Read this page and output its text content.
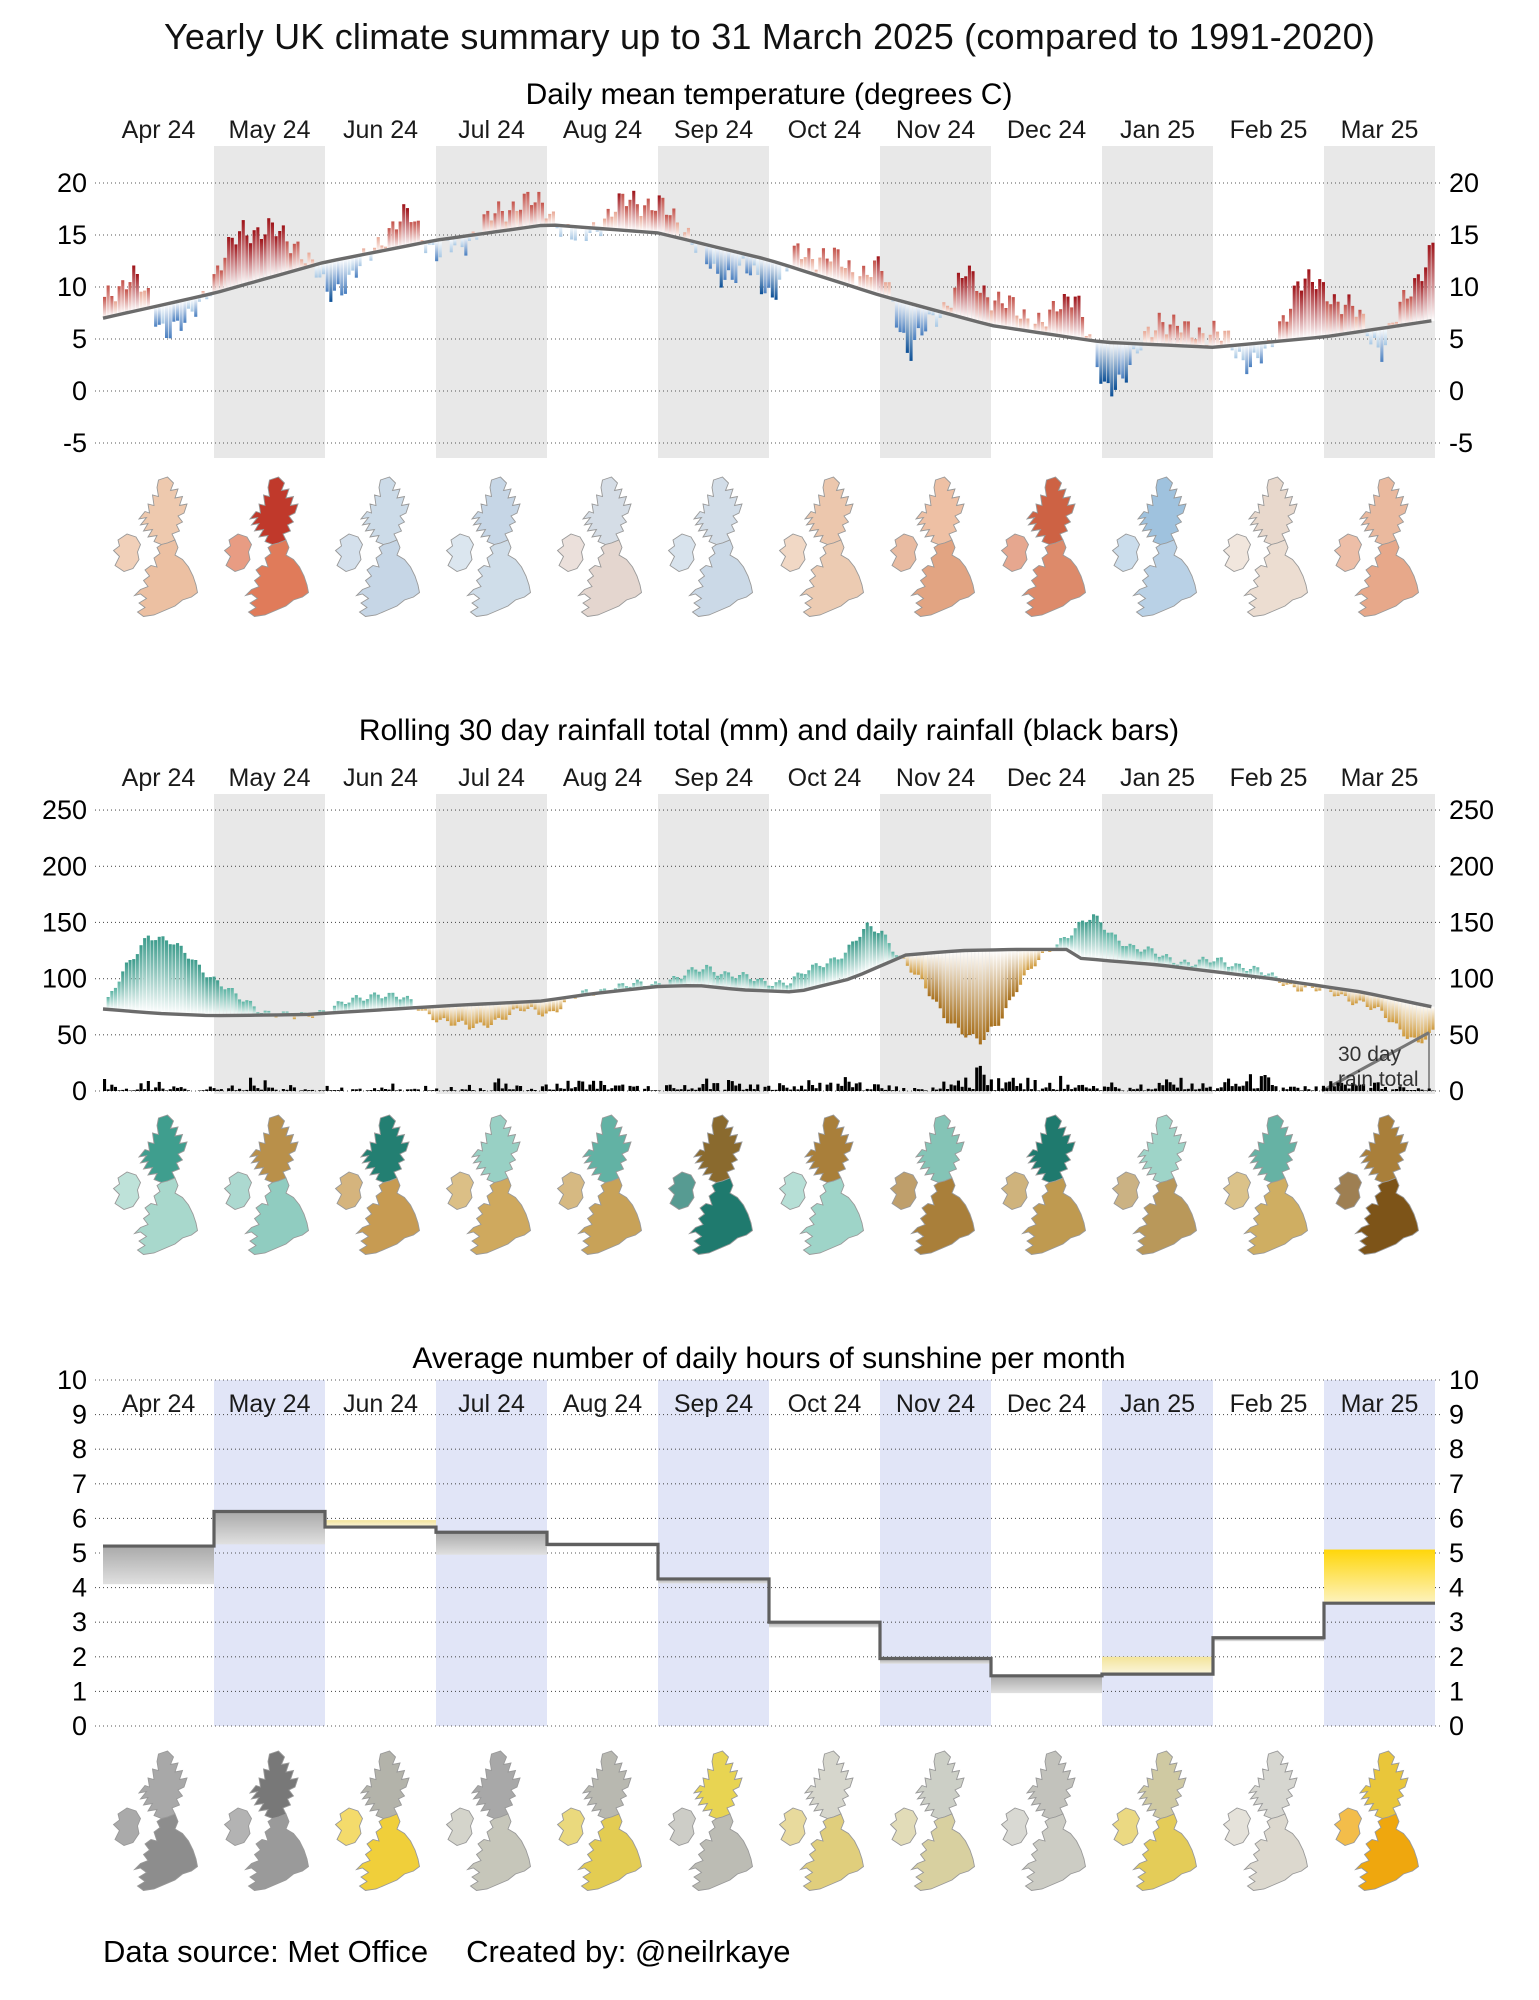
Yearly UK climate summary up to 31 March 2025 (compared to 1991-2020)
Daily mean temperature (degrees C)
Apr 24 May 24 Jun 24 Jul 24 Aug 24 Sep 24 Oct 24 Nov 24 Dec 24 Jan 25 Feb 25 Mar 25
-5	-5
0	0
5	5
10	10
15	15
20	20
Rolling 30 day rainfall total (mm) and daily rainfall (black bars)
Apr 24 May 24 Jun 24 Jul 24 Aug 24 Sep 24 Oct 24 Nov 24 Dec 24 Jan 25 Feb 25 Mar 25
0	0
50	50
100	100
150	150
200	200
250	250
30 day
rain total
Average number of daily hours of sunshine per month
0	0
1	1
2	2
3	3
4	4
5	5
6	6
7	7
8	8
9	9
10	10
Apr 24 May 24 Jun 24 Jul 24 Aug 24 Sep 24 Oct 24 Nov 24 Dec 24 Jan 25 Feb 25 Mar 25
Data source: Met Office Created by: @neilrkaye
